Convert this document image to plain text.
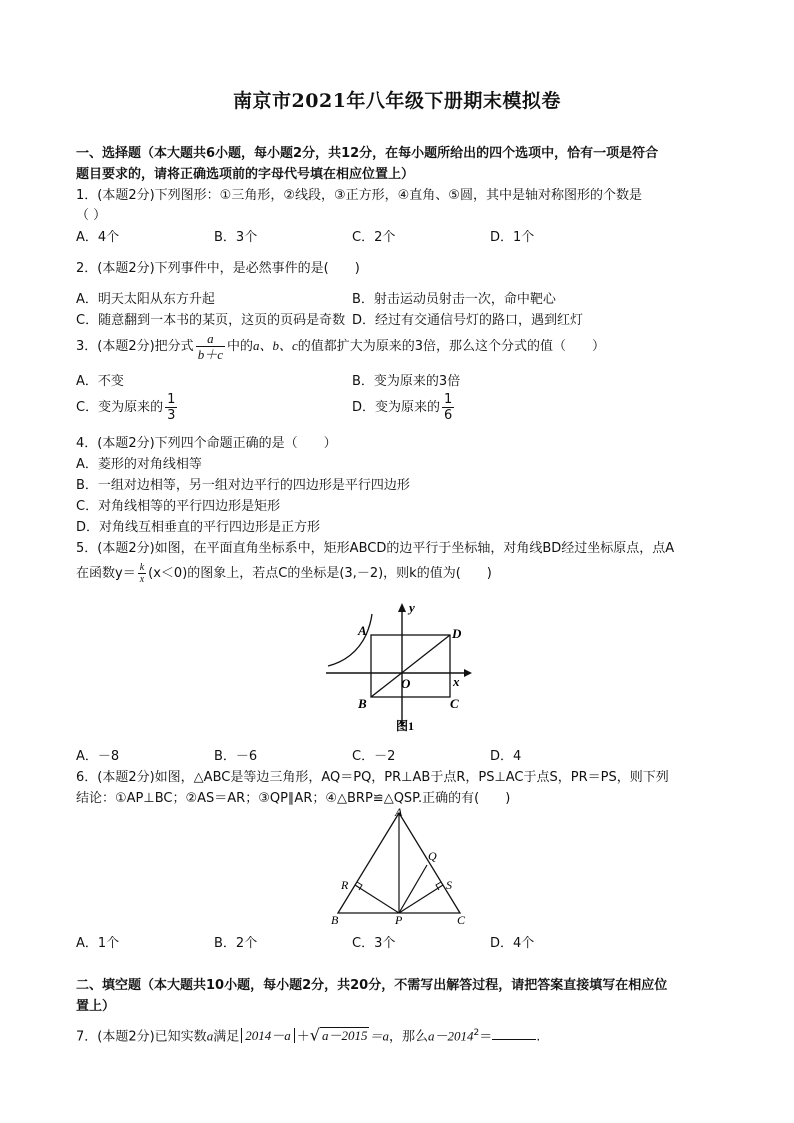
南京市2021年八年级下册期末模拟卷
一、选择题（本大题共6小题，每小题2分，共12分，在每小题所给出的四个选项中，恰有一项是符合
题目要求的，请将正确选项前的字母代号填在相应位置上）
1．(本题2分)下列图形：①三角形，②线段，③正方形，④直角、⑤圆，其中是轴对称图形的个数是
（ ）
A．4个	B．3个	C．2个	D．1个
2．(本题2分)下列事件中，是必然事件的是(　　)
A．明天太阳从东方升起	B．射击运动员射击一次，命中靶心
C．随意翻到一本书的某页，这页的页码是奇数 D．经过有交通信号灯的路口，遇到红灯
3．(本题2分)把分式 $\frac{a}{b+c}$ 中的a、b、c的值都扩大为原来的3倍，那么这个分式的值（　　）
A．不变	B．变为原来的3倍
C．变为原来的 $\frac{1}{3}$	D．变为原来的 $\frac{1}{6}$
4．(本题2分)下列四个命题正确的是（　　）
A．菱形的对角线相等
B．一组对边相等，另一组对边平行的四边形是平行四边形
C．对角线相等的平行四边形是矩形
D．对角线互相垂直的平行四边形是正方形
5．(本题2分)如图，在平面直角坐标系中，矩形ABCD的边平行于坐标轴，对角线BD经过坐标原点，点A
在函数$y= \frac{k}{x} (x<0)$的图象上，若点C的坐标是(3,－2)，则k的值为(　　)
y
x
A	D
O
B	C
图1
A．－8	B．－6	C．－2	D．4
6．(本题2分)如图，△ABC是等边三角形，AQ＝PQ，PR⊥AB于点R，PS⊥AC于点S，PR＝PS，则下列
结论：①AP⊥BC；②AS＝AR；③QP∥AR；④△BRP≌△QSP.正确的有(　　)
A
Q
R	S
B	P	C
A．1个	B．2个	C．3个	D．4个
二、填空题（本大题共10小题，每小题2分，共20分，不需写出解答过程，请把答案直接填写在相应位
置上）
7．(本题2分)已知实数a满足 2014－a ＋√ a－2015 ＝a，那么$a-2014^2=$	.
